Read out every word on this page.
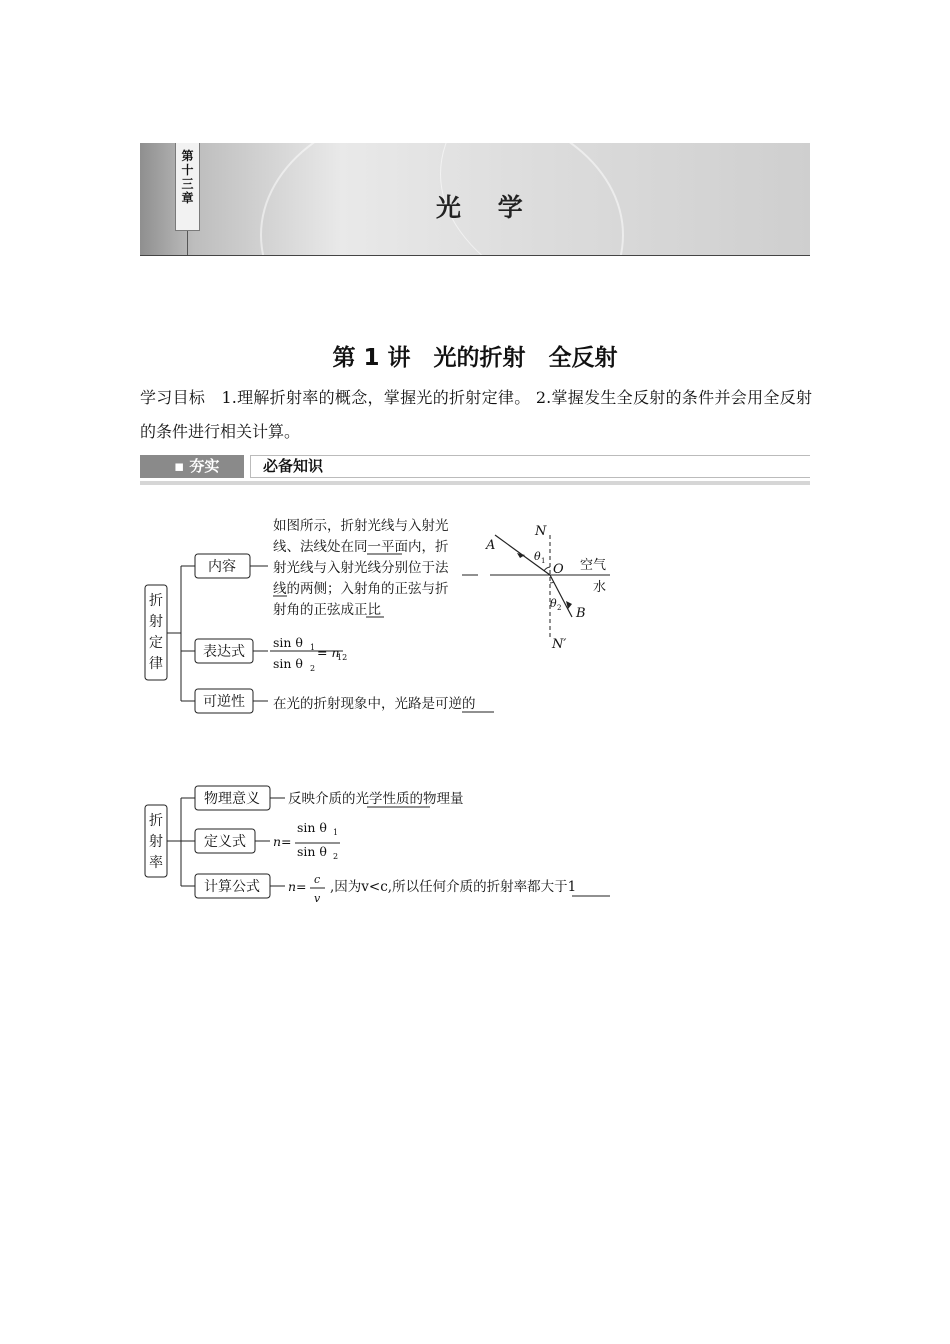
第
十
三
章	光 学
第 1 讲　光的折射　全反射
学习目标　1.理解折射率的概念，掌握光的折射定律。 2.掌握发生全反射的条件并会用全反射的条件进行相关计算。
▪ 夯实	必备知识
折
射
定
律
内容
表达式
可逆性
如图所示，折射光线与入射光
线、法线处在同一平面内，折
射光线与入射光线分别位于法
线的两侧；入射角的正弦与折
射角的正弦成正比
在光的折射现象中，光路是可逆的
sin θ 1
sin θ 2
= n
12
N
N′
A
B
O
θ 1
θ 2
空气
水
折
射
率
物理意义
定义式
计算公式
反映介质的光学性质的物理量
n=
sin θ 1
sin θ 2
n= c
v
,因为v<c,所以任何介质的折射率都大于1
